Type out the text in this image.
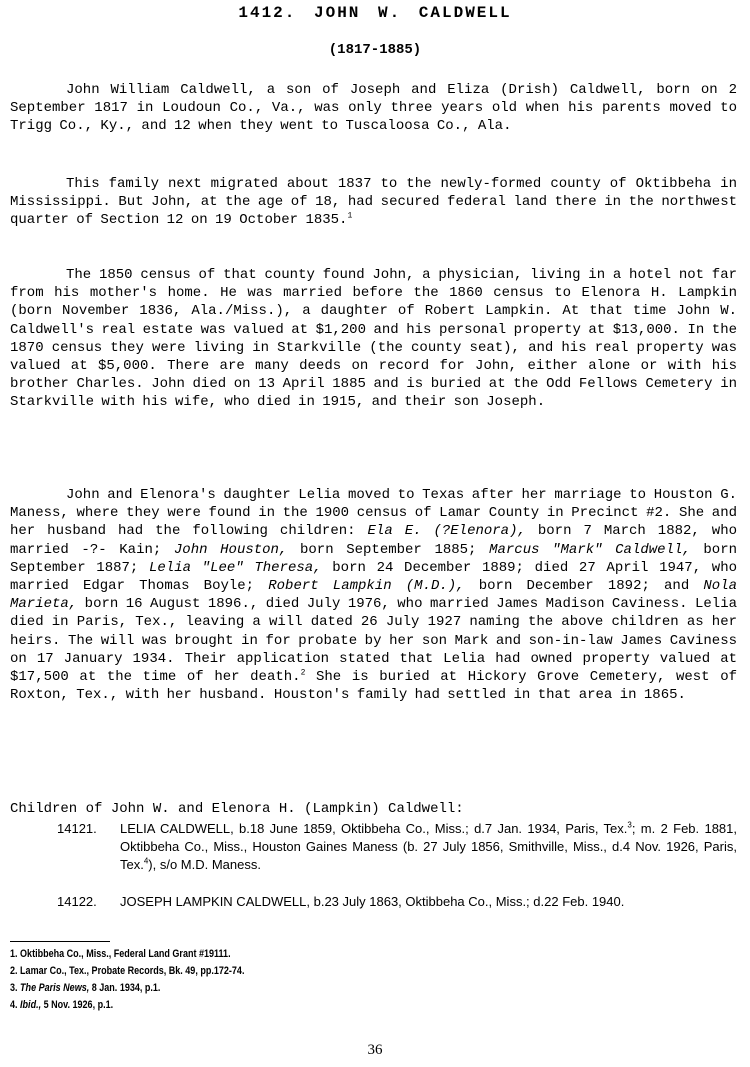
1412. JOHN W. CALDWELL
(1817-1885)

John William Caldwell, a son of Joseph and Eliza (Drish) Caldwell, born on 2 September 1817 in Loudoun Co., Va., was only three years old when his parents moved to Trigg Co., Ky., and 12 when they went to Tuscaloosa Co., Ala.

This family next migrated about 1837 to the newly-formed county of Oktibbeha in Mississippi. But John, at the age of 18, had secured federal land there in the northwest quarter of Section 12 on 19 October 1835.$^1$

The 1850 census of that county found John, a physician, living in a hotel not far from his mother's home. He was married before the 1860 census to Elenora H. Lampkin (born November 1836, Ala./Miss.), a daughter of Robert Lampkin. At that time John W. Caldwell's real estate was valued at $1,200 and his personal property at $13,000. In the 1870 census they were living in Starkville (the county seat), and his real property was valued at $5,000. There are many deeds on record for John, either alone or with his brother Charles. John died on 13 April 1885 and is buried at the Odd Fellows Cemetery in Starkville with his wife, who died in 1915, and their son Joseph.

John and Elenora's daughter Lelia moved to Texas after her marriage to Houston G. Maness, where they were found in the 1900 census of Lamar County in Precinct #2. She and her husband had the following children: Ela E. (?Elenora), born 7 March 1882, who married -?- Kain; John Houston, born September 1885; Marcus "Mark" Caldwell, born September 1887; Lelia "Lee" Theresa, born 24 December 1889; died 27 April 1947, who married Edgar Thomas Boyle; Robert Lampkin (M.D.), born December 1892; and Nola Marieta, born 16 August 1896., died July 1976, who married James Madison Caviness. Lelia died in Paris, Tex., leaving a will dated 26 July 1927 naming the above children as her heirs. The will was brought in for probate by her son Mark and son-in-law James Caviness on 17 January 1934. Their application stated that Lelia had owned property valued at $17,500 at the time of her death.$^2$ She is buried at Hickory Grove Cemetery, west of Roxton, Tex., with her husband. Houston's family had settled in that area in 1865.

Children of John W. and Elenora H. (Lampkin) Caldwell:
14121.	LELIA CALDWELL, b.18 June 1859, Oktibbeha Co., Miss.; d.7 Jan. 1934, Paris, Tex.$^3$; m. 2 Feb. 1881, Oktibbeha Co., Miss., Houston Gaines Maness (b. 27 July 1856, Smithville, Miss., d.4 Nov. 1926, Paris, Tex.$^4$), s/o M.D. Maness.
14122.	JOSEPH LAMPKIN CALDWELL, b.23 July 1863, Oktibbeha Co., Miss.; d.22 Feb. 1940.
1. Oktibbeha Co., Miss., Federal Land Grant #19111.
2. Lamar Co., Tex., Probate Records, Bk. 49, pp.172-74.
3. The Paris News, 8 Jan. 1934, p.1.
4. Ibid., 5 Nov. 1926, p.1.
36
